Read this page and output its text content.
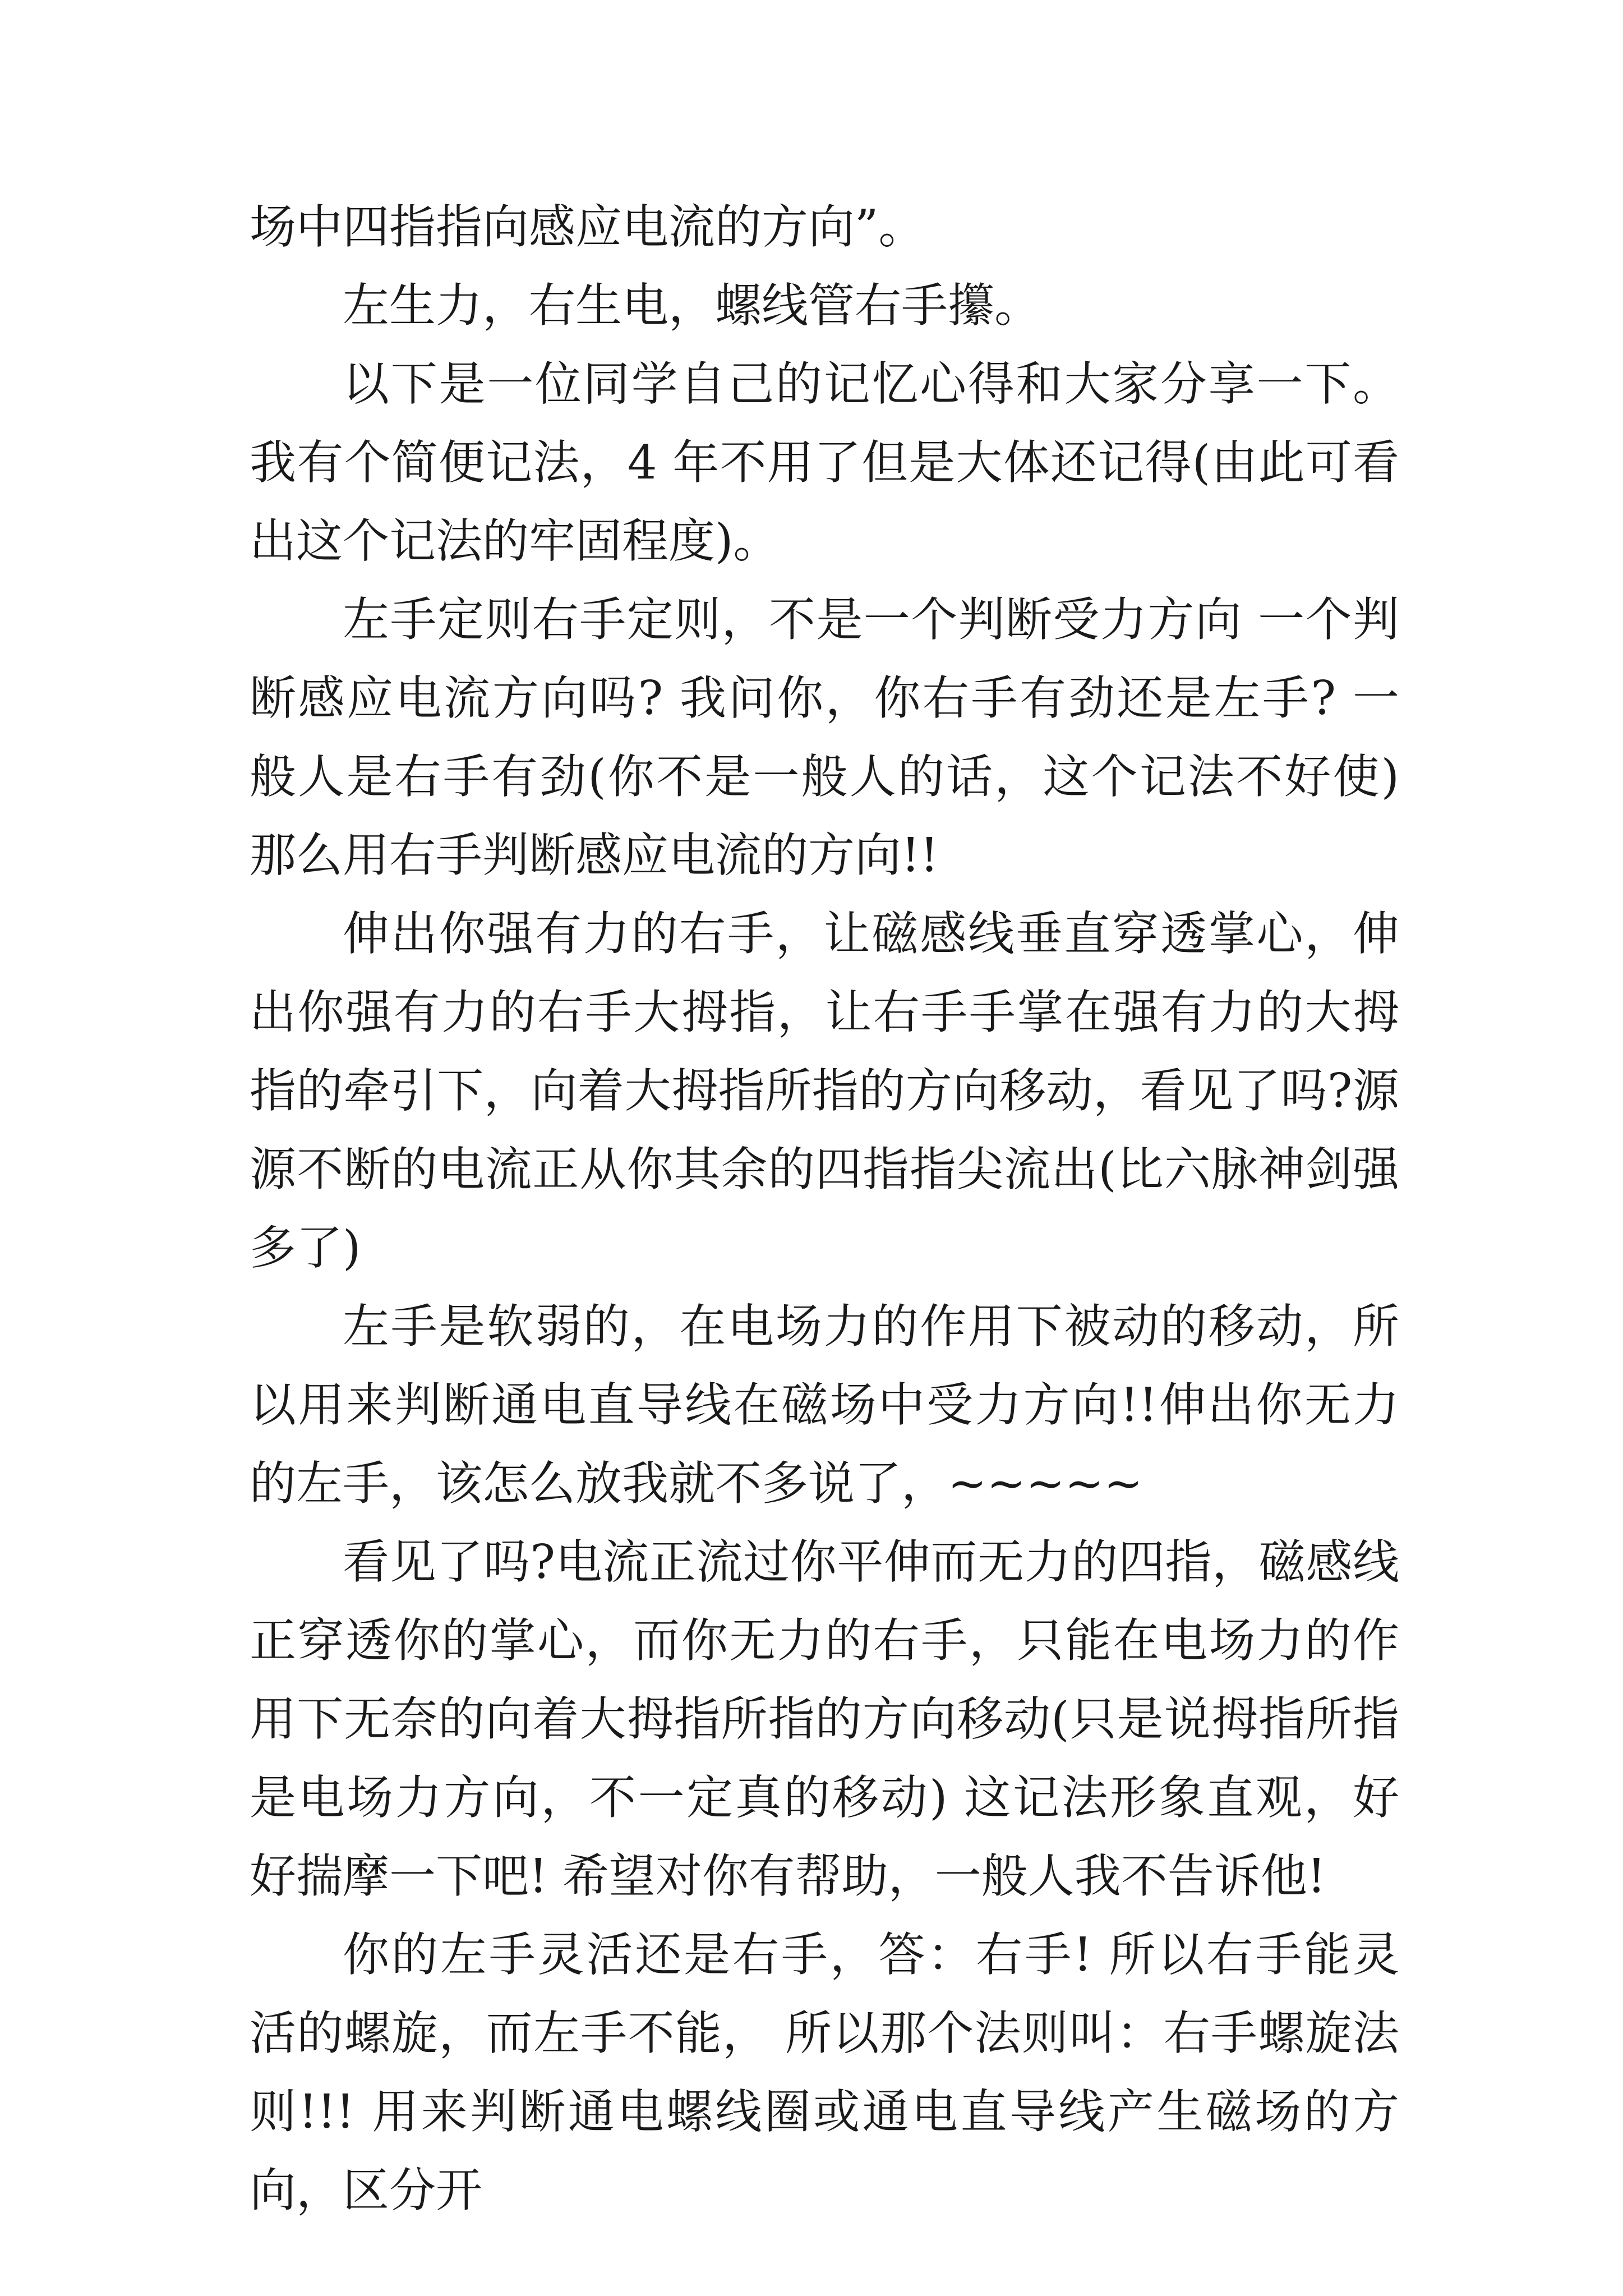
场中四指指向感应电流的方向”。

左生力，右生电，螺线管右手攥。

以下是一位同学自己的记忆心得和大家分享一下。我有个简便记法，4 年不用了但是大体还记得(由此可看出这个记法的牢固程度)。

左手定则右手定则，不是一个判断受力方向 一个判断感应电流方向吗? 我问你，你右手有劲还是左手? 一般人是右手有劲(你不是一般人的话，这个记法不好使) 那么用右手判断感应电流的方向!!

伸出你强有力的右手，让磁感线垂直穿透掌心，伸出你强有力的右手大拇指，让右手手掌在强有力的大拇指的牵引下，向着大拇指所指的方向移动，看见了吗?源源不断的电流正从你其余的四指指尖流出(比六脉神剑强多了)

左手是软弱的，在电场力的作用下被动的移动，所以用来判断通电直导线在磁场中受力方向!!伸出你无力的左手，该怎么放我就不多说了，~~~~~

看见了吗?电流正流过你平伸而无力的四指，磁感线正穿透你的掌心，而你无力的右手，只能在电场力的作用下无奈的向着大拇指所指的方向移动(只是说拇指所指是电场力方向，不一定真的移动) 这记法形象直观，好好揣摩一下吧! 希望对你有帮助，一般人我不告诉他!

你的左手灵活还是右手，答：右手! 所以右手能灵活的螺旋，而左手不能， 所以那个法则叫：右手螺旋法则!!! 用来判断通电螺线圈或通电直导线产生磁场的方向，区分开
